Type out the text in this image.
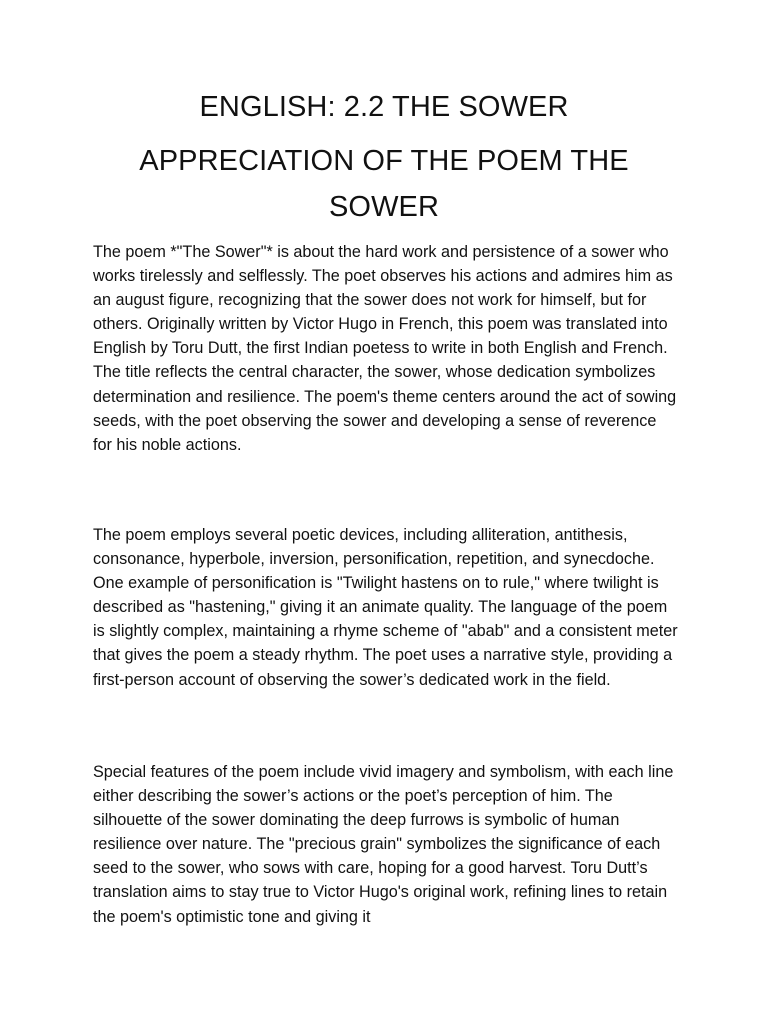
ENGLISH: 2.2 THE SOWER
APPRECIATION OF THE POEM THE SOWER

The poem *"The Sower"* is about the hard work and persistence of a sower who works tirelessly and selflessly. The poet observes his actions and admires him as an august figure, recognizing that the sower does not work for himself, but for others. Originally written by Victor Hugo in French, this poem was translated into English by Toru Dutt, the first Indian poetess to write in both English and French. The title reflects the central character, the sower, whose dedication symbolizes determination and resilience. The poem's theme centers around the act of sowing seeds, with the poet observing the sower and developing a sense of reverence for his noble actions.

The poem employs several poetic devices, including alliteration, antithesis, consonance, hyperbole, inversion, personification, repetition, and synecdoche. One example of personification is "Twilight hastens on to rule," where twilight is described as "hastening," giving it an animate quality. The language of the poem is slightly complex, maintaining a rhyme scheme of "abab" and a consistent meter that gives the poem a steady rhythm. The poet uses a narrative style, providing a first-person account of observing the sower’s dedicated work in the field.

Special features of the poem include vivid imagery and symbolism, with each line either describing the sower’s actions or the poet’s perception of him. The silhouette of the sower dominating the deep furrows is symbolic of human resilience over nature. The "precious grain" symbolizes the significance of each seed to the sower, who sows with care, hoping for a good harvest. Toru Dutt’s translation aims to stay true to Victor Hugo's original work, refining lines to retain the poem's optimistic tone and giving it
